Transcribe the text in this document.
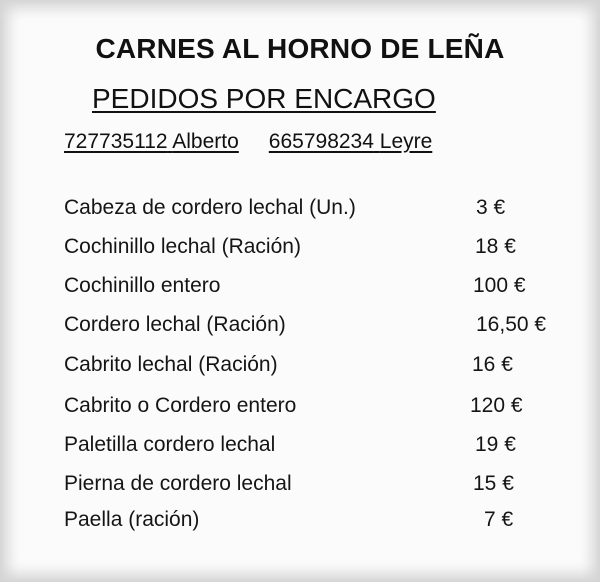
CARNES AL HORNO DE LEÑA
PEDIDOS POR ENCARGO
727735112 Alberto 665798234 Leyre
Cabeza de cordero lechal (Un.)	3 €
Cochinillo lechal (Ración)	18 €
Cochinillo entero	100 €
Cordero lechal (Ración)	16,50 €
Cabrito lechal (Ración)	16 €
Cabrito o Cordero entero	120 €
Paletilla cordero lechal	19 €
Pierna de cordero lechal	15 €
Paella (ración)	7 €
